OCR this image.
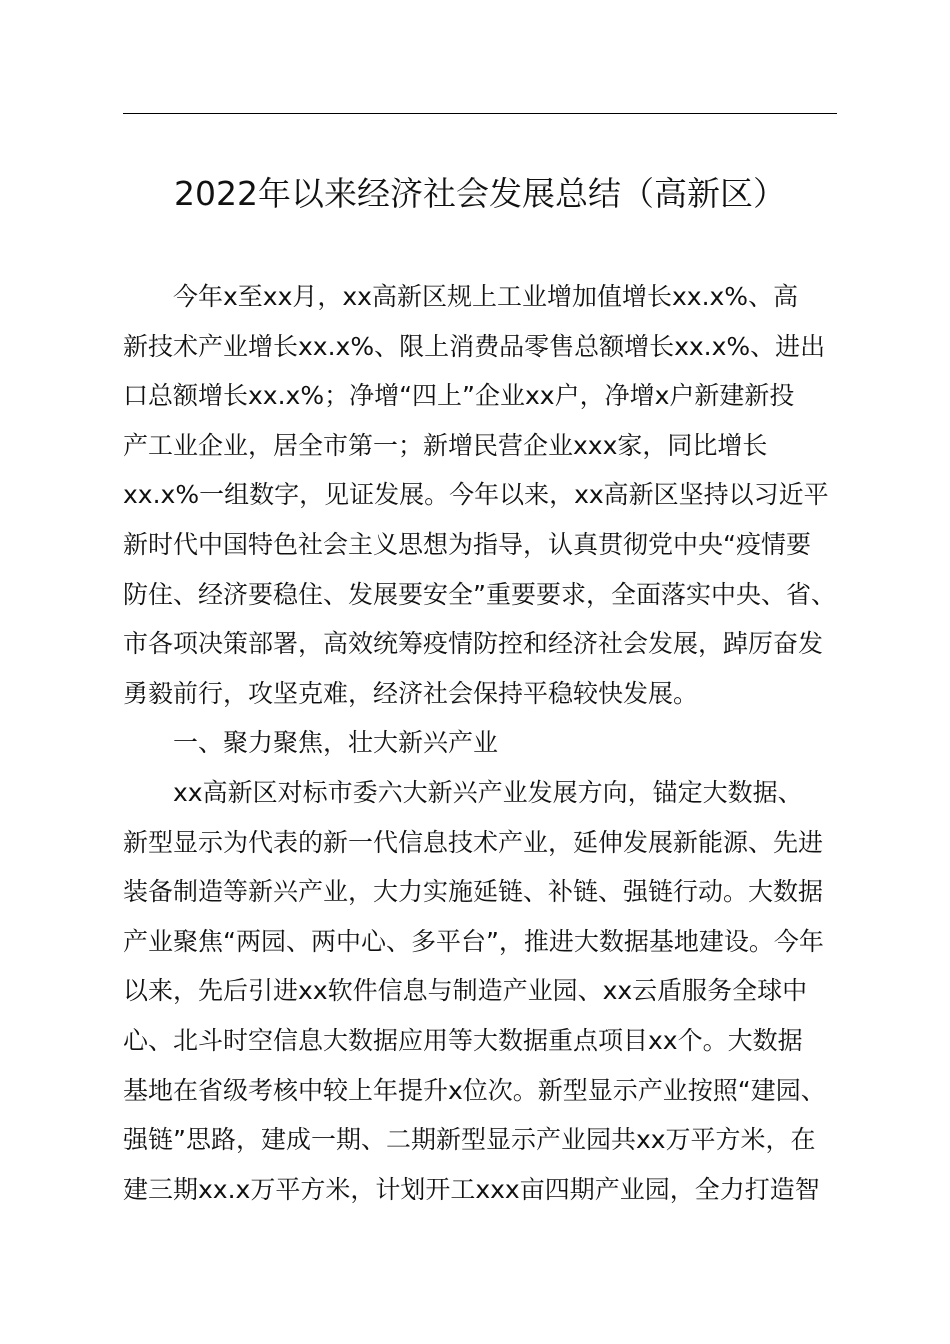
2022年以来经济社会发展总结（高新区）
今年x至xx月，xx高新区规上工业增加值增长xx.x%、高
新技术产业增长xx.x%、限上消费品零售总额增长xx.x%、进出
口总额增长xx.x%；净增“四上”企业xx户，净增x户新建新投
产工业企业，居全市第一；新增民营企业xxx家，同比增长
xx.x%一组数字，见证发展。今年以来，xx高新区坚持以习近平
新时代中国特色社会主义思想为指导，认真贯彻党中央“疫情要
防住、经济要稳住、发展要安全”重要要求，全面落实中央、省、
市各项决策部署，高效统筹疫情防控和经济社会发展，踔厉奋发
勇毅前行，攻坚克难，经济社会保持平稳较快发展。
一、聚力聚焦，壮大新兴产业
xx高新区对标市委六大新兴产业发展方向，锚定大数据、
新型显示为代表的新一代信息技术产业，延伸发展新能源、先进
装备制造等新兴产业，大力实施延链、补链、强链行动。大数据
产业聚焦“两园、两中心、多平台”，推进大数据基地建设。今年
以来，先后引进xx软件信息与制造产业园、xx云盾服务全球中
心、北斗时空信息大数据应用等大数据重点项目xx个。大数据
基地在省级考核中较上年提升x位次。新型显示产业按照“建园、
强链”思路，建成一期、二期新型显示产业园共xx万平方米，在
建三期xx.x万平方米，计划开工xxx亩四期产业园，全力打造智
